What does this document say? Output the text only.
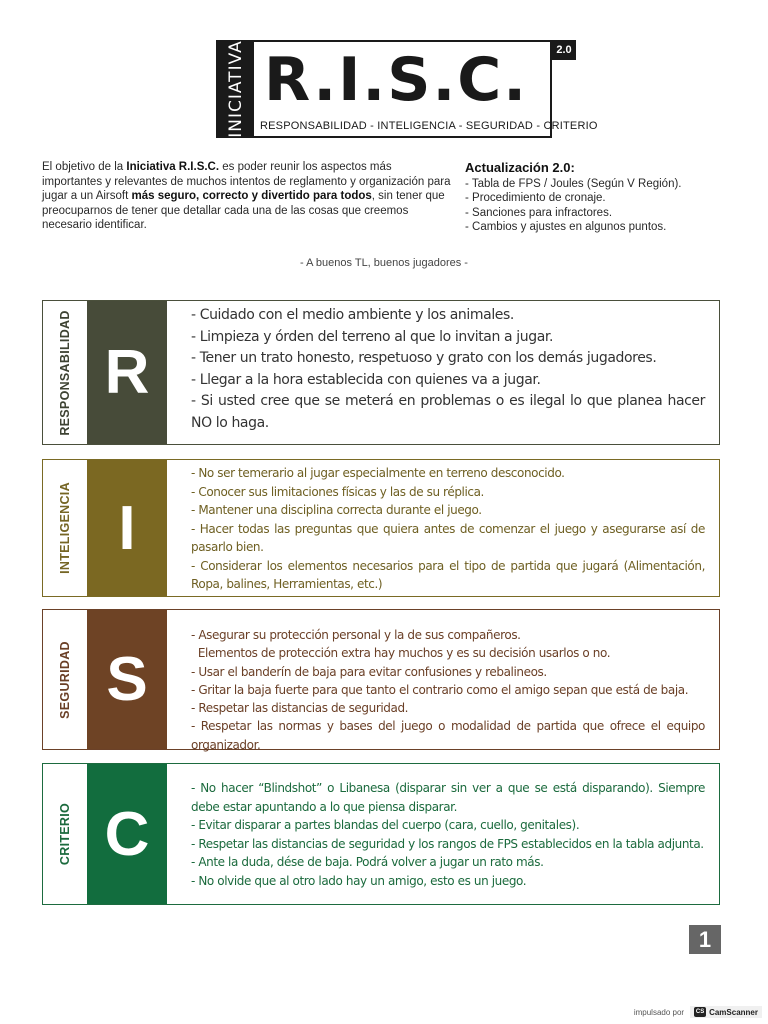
INICIATIVA R.I.S.C.
RESPONSABILIDAD - INTELIGENCIA - SEGURIDAD - CRITERIO
2.0
El objetivo de la Iniciativa R.I.S.C. es poder reunir los aspectos más importantes y relevantes de muchos intentos de reglamento y organización para jugar a un Airsoft más seguro, correcto y divertido para todos, sin tener que preocuparnos de tener que detallar cada una de las cosas que creemos necesario identificar.
Actualización 2.0:
- Tabla de FPS / Joules (Según V Región).
- Procedimiento de cronaje.
- Sanciones para infractores.
- Cambios y ajustes en algunos puntos.
- A buenos TL, buenos jugadores -
RESPONSABILIDAD R
- Cuidado con el medio ambiente y los animales.
- Limpieza y órden del terreno al que lo invitan a jugar.
- Tener un trato honesto, respetuoso y grato con los demás jugadores.
- Llegar a la hora establecida con quienes va a jugar.
- Si usted cree que se meterá en problemas o es ilegal lo que planea hacer NO lo haga.
INTELIGENCIA I
- No ser temerario al jugar especialmente en terreno desconocido.
- Conocer sus limitaciones físicas y las de su réplica.
- Mantener una disciplina correcta durante el juego.
- Hacer todas las preguntas que quiera antes de comenzar el juego y asegurarse así de pasarlo bien.
- Considerar los elementos necesarios para el tipo de partida que jugará (Alimentación, Ropa, balines, Herramientas, etc.)
SEGURIDAD S
- Asegurar su protección personal y la de sus compañeros.
Elementos de protección extra hay muchos y es su decisión usarlos o no.
- Usar el banderín de baja para evitar confusiones y rebalineos.
- Gritar la baja fuerte para que tanto el contrario como el amigo sepan que está de baja.
- Respetar las distancias de seguridad.
- Respetar las normas y bases del juego o modalidad de partida que ofrece el equipo organizador.
CRITERIO C
- No hacer “Blindshot” o Libanesa (disparar sin ver a que se está disparando). Siempre debe estar apuntando a lo que piensa disparar.
- Evitar disparar a partes blandas del cuerpo (cara, cuello, genitales).
- Respetar las distancias de seguridad y los rangos de FPS establecidos en la tabla adjunta.
- Ante la duda, dése de baja. Podrá volver a jugar un rato más.
- No olvide que al otro lado hay un amigo, esto es un juego.
1
impulsado por	CS CamScanner
